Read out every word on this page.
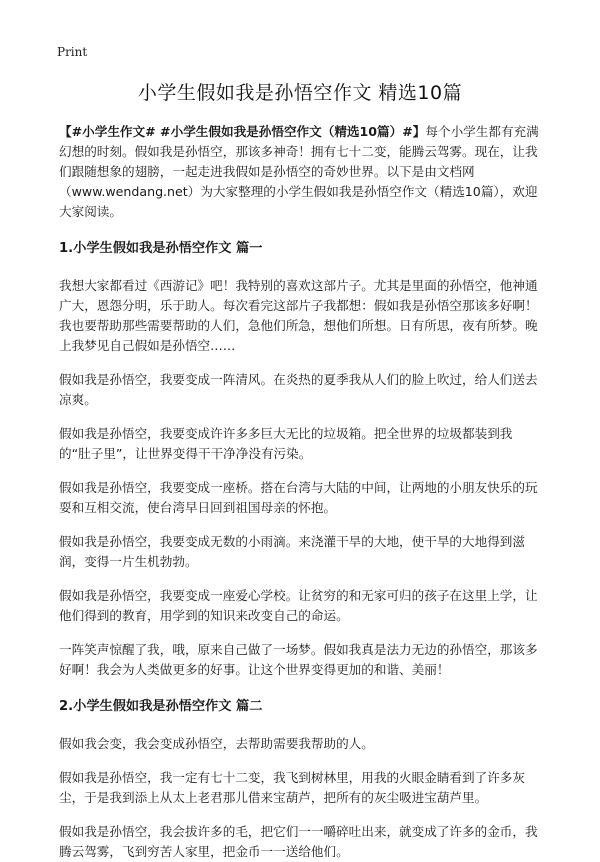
Print
小学生假如我是孙悟空作文 精选10篇

【#小学生作文# #小学生假如我是孙悟空作文（精选10篇）#】每个小学生都有充满幻想的时刻。假如我是孙悟空，那该多神奇！拥有七十二变，能腾云驾雾。现在，让我们跟随想象的翅膀，一起走进我假如是孙悟空的奇妙世界。以下是由文档网（www.wendang.net）为大家整理的小学生假如我是孙悟空作文（精选10篇），欢迎大家阅读。

1.小学生假如我是孙悟空作文 篇一

我想大家都看过《西游记》吧！我特别的喜欢这部片子。尤其是里面的孙悟空，他神通广大，恩怨分明，乐于助人。每次看完这部片子我都想：假如我是孙悟空那该多好啊！我也要帮助那些需要帮助的人们，急他们所急，想他们所想。日有所思，夜有所梦。晚上我梦见自己假如是孙悟空……

假如我是孙悟空，我要变成一阵清风。在炎热的夏季我从人们的脸上吹过，给人们送去凉爽。

假如我是孙悟空，我要变成许许多多巨大无比的垃圾箱。把全世界的垃圾都装到我的“肚子里”，让世界变得干干净净没有污染。

假如我是孙悟空，我要变成一座桥。搭在台湾与大陆的中间，让两地的小朋友快乐的玩耍和互相交流，使台湾早日回到祖国母亲的怀抱。

假如我是孙悟空，我要变成无数的小雨滴。来浇灌干旱的大地，使干旱的大地得到滋润，变得一片生机勃勃。

假如我是孙悟空，我要变成一座爱心学校。让贫穷的和无家可归的孩子在这里上学，让他们得到的教育，用学到的知识来改变自己的命运。

一阵笑声惊醒了我，哦，原来自己做了一场梦。假如我真是法力无边的孙悟空，那该多好啊！我会为人类做更多的好事。让这个世界变得更加的和谐、美丽！

2.小学生假如我是孙悟空作文 篇二

假如我会变，我会变成孙悟空，去帮助需要我帮助的人。

假如我是孙悟空，我一定有七十二变，我飞到树林里，用我的火眼金睛看到了许多灰尘，于是我到添上从太上老君那儿借来宝葫芦，把所有的灰尘吸进宝葫芦里。

假如我是孙悟空，我会拔许多的毛，把它们一一嚼碎吐出来，就变成了许多的金币，我腾云驾雾，飞到穷苦人家里，把金币一一送给他们。
